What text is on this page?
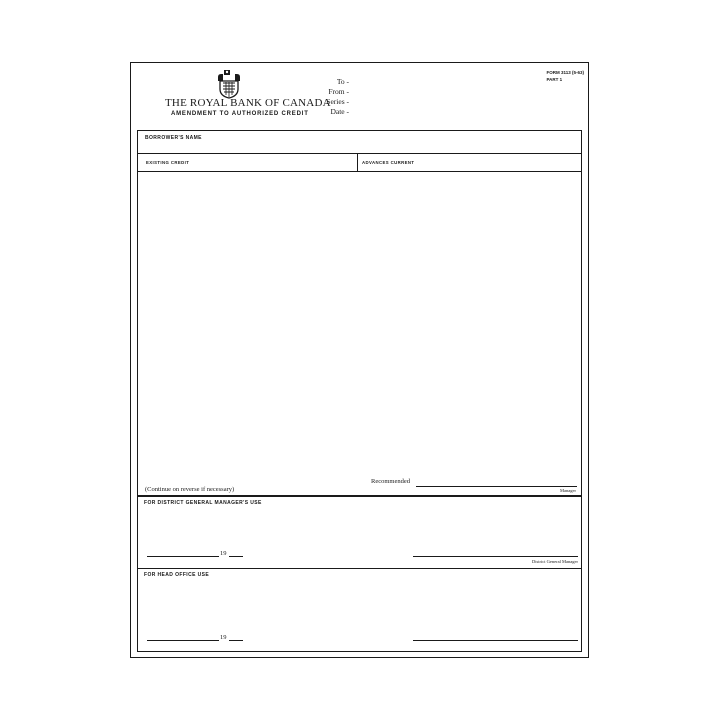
THE ROYAL BANK OF CANADA
AMENDMENT TO AUTHORIZED CREDIT
To -
From -
Series -
Date -
FORM 3113 (5-63)
PART 1
BORROWER'S NAME
EXISTING CREDIT	ADVANCES CURRENT
Recommended
Manager
(Continue on reverse if necessary)
FOR DISTRICT GENERAL MANAGER'S USE
19
District General Manager
FOR HEAD OFFICE USE
19
